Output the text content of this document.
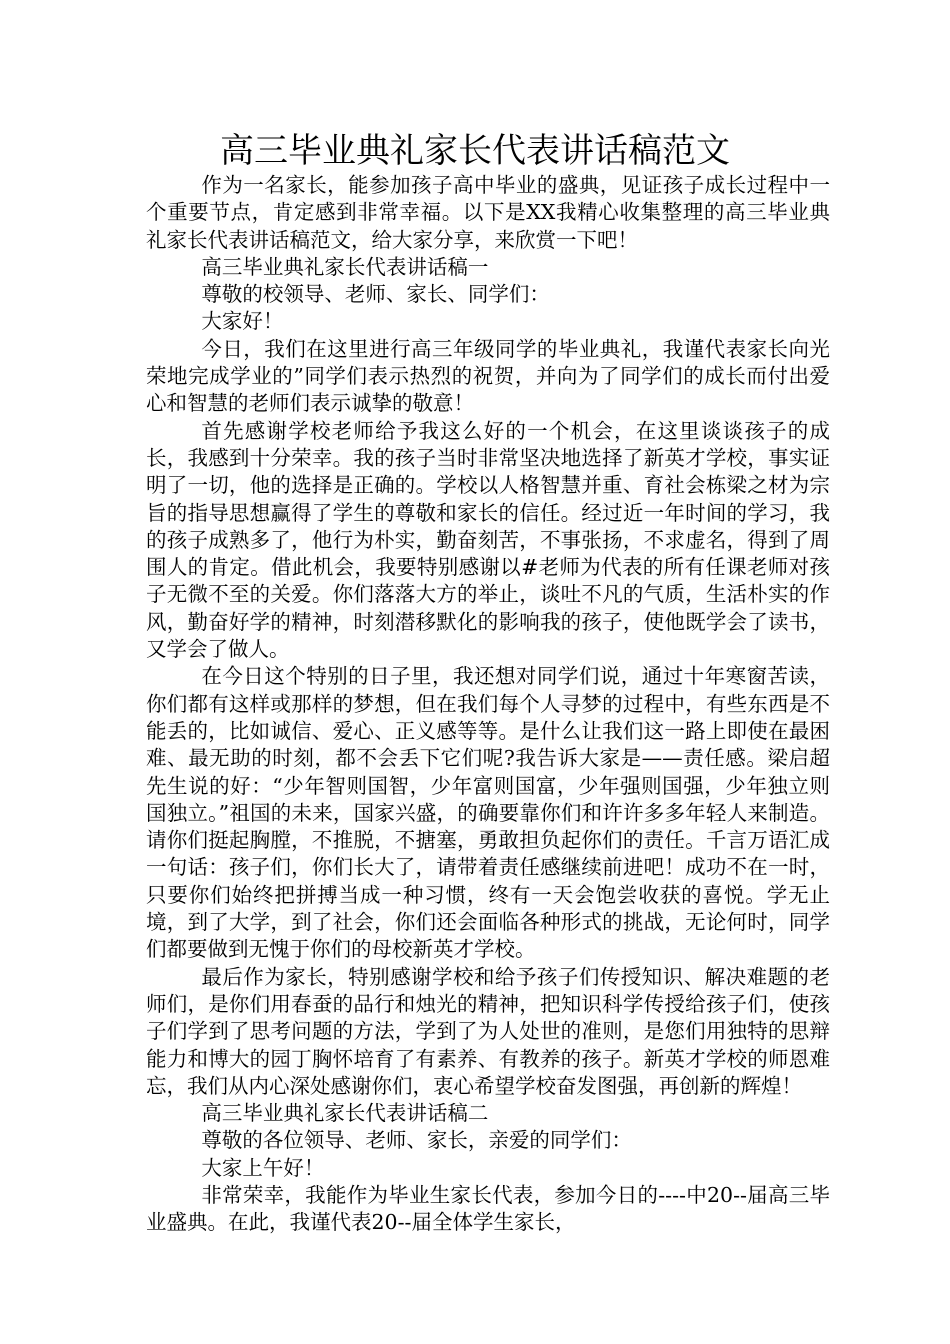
高三毕业典礼家长代表讲话稿范文

作为一名家长，能参加孩子高中毕业的盛典，见证孩子成长过程中一个重要节点，肯定感到非常幸福。以下是XX我精心收集整理的高三毕业典礼家长代表讲话稿范文，给大家分享，来欣赏一下吧！

高三毕业典礼家长代表讲话稿一

尊敬的校领导、老师、家长、同学们：

大家好！

今日，我们在这里进行高三年级同学的毕业典礼，我谨代表家长向光荣地完成学业的”同学们表示热烈的祝贺，并向为了同学们的成长而付出爱心和智慧的老师们表示诚挚的敬意！

首先感谢学校老师给予我这么好的一个机会，在这里谈谈孩子的成长，我感到十分荣幸。我的孩子当时非常坚决地选择了新英才学校，事实证明了一切，他的选择是正确的。学校以人格智慧并重、育社会栋梁之材为宗旨的指导思想赢得了学生的尊敬和家长的信任。经过近一年时间的学习，我的孩子成熟多了，他行为朴实，勤奋刻苦，不事张扬，不求虚名，得到了周围人的肯定。借此机会，我要特别感谢以#老师为代表的所有任课老师对孩子无微不至的关爱。你们落落大方的举止，谈吐不凡的气质，生活朴实的作风，勤奋好学的精神，时刻潜移默化的影响我的孩子，使他既学会了读书，又学会了做人。

在今日这个特别的日子里，我还想对同学们说，通过十年寒窗苦读，你们都有这样或那样的梦想，但在我们每个人寻梦的过程中，有些东西是不能丢的，比如诚信、爱心、正义感等等。是什么让我们这一路上即使在最困难、最无助的时刻，都不会丢下它们呢?我告诉大家是——责任感。梁启超先生说的好：“少年智则国智，少年富则国富，少年强则国强，少年独立则国独立。”祖国的未来，国家兴盛，的确要靠你们和许许多多年轻人来制造。请你们挺起胸膛，不推脱，不搪塞，勇敢担负起你们的责任。千言万语汇成一句话：孩子们，你们长大了，请带着责任感继续前进吧！成功不在一时，只要你们始终把拼搏当成一种习惯，终有一天会饱尝收获的喜悦。学无止境，到了大学，到了社会，你们还会面临各种形式的挑战，无论何时，同学们都要做到无愧于你们的母校新英才学校。

最后作为家长，特别感谢学校和给予孩子们传授知识、解决难题的老师们，是你们用春蚕的品行和烛光的精神，把知识科学传授给孩子们，使孩子们学到了思考问题的方法，学到了为人处世的准则，是您们用独特的思辩能力和博大的园丁胸怀培育了有素养、有教养的孩子。新英才学校的师恩难忘，我们从内心深处感谢你们，衷心希望学校奋发图强，再创新的辉煌！

高三毕业典礼家长代表讲话稿二

尊敬的各位领导、老师、家长，亲爱的同学们：

大家上午好！

非常荣幸，我能作为毕业生家长代表，参加今日的----中20--届高三毕业盛典。在此，我谨代表20--届全体学生家长，
